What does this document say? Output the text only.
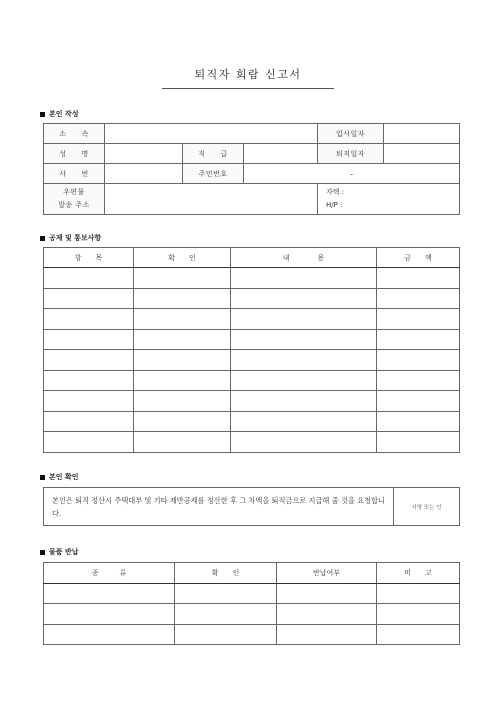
퇴직자 회람 신고서
본인 작성
소　　속				입사일자	
성　　명		직　　급		퇴직일자	
사　　번		주민번호	–		
우편물
발송 주소				자택 :
H/P :	
공제 및 통보사항
항　　목	확　　인	내　　　　용	금　　액

본인 확인
본인은 퇴직 정산시 주택대부 및 기타 제반공제를 정산한 후 그 차액을 퇴직금으로 지급해 줄 것을 요청합니다.	서명 또는 인
물품 반납
종　　　류	확　　인	반납여부	비　　고
